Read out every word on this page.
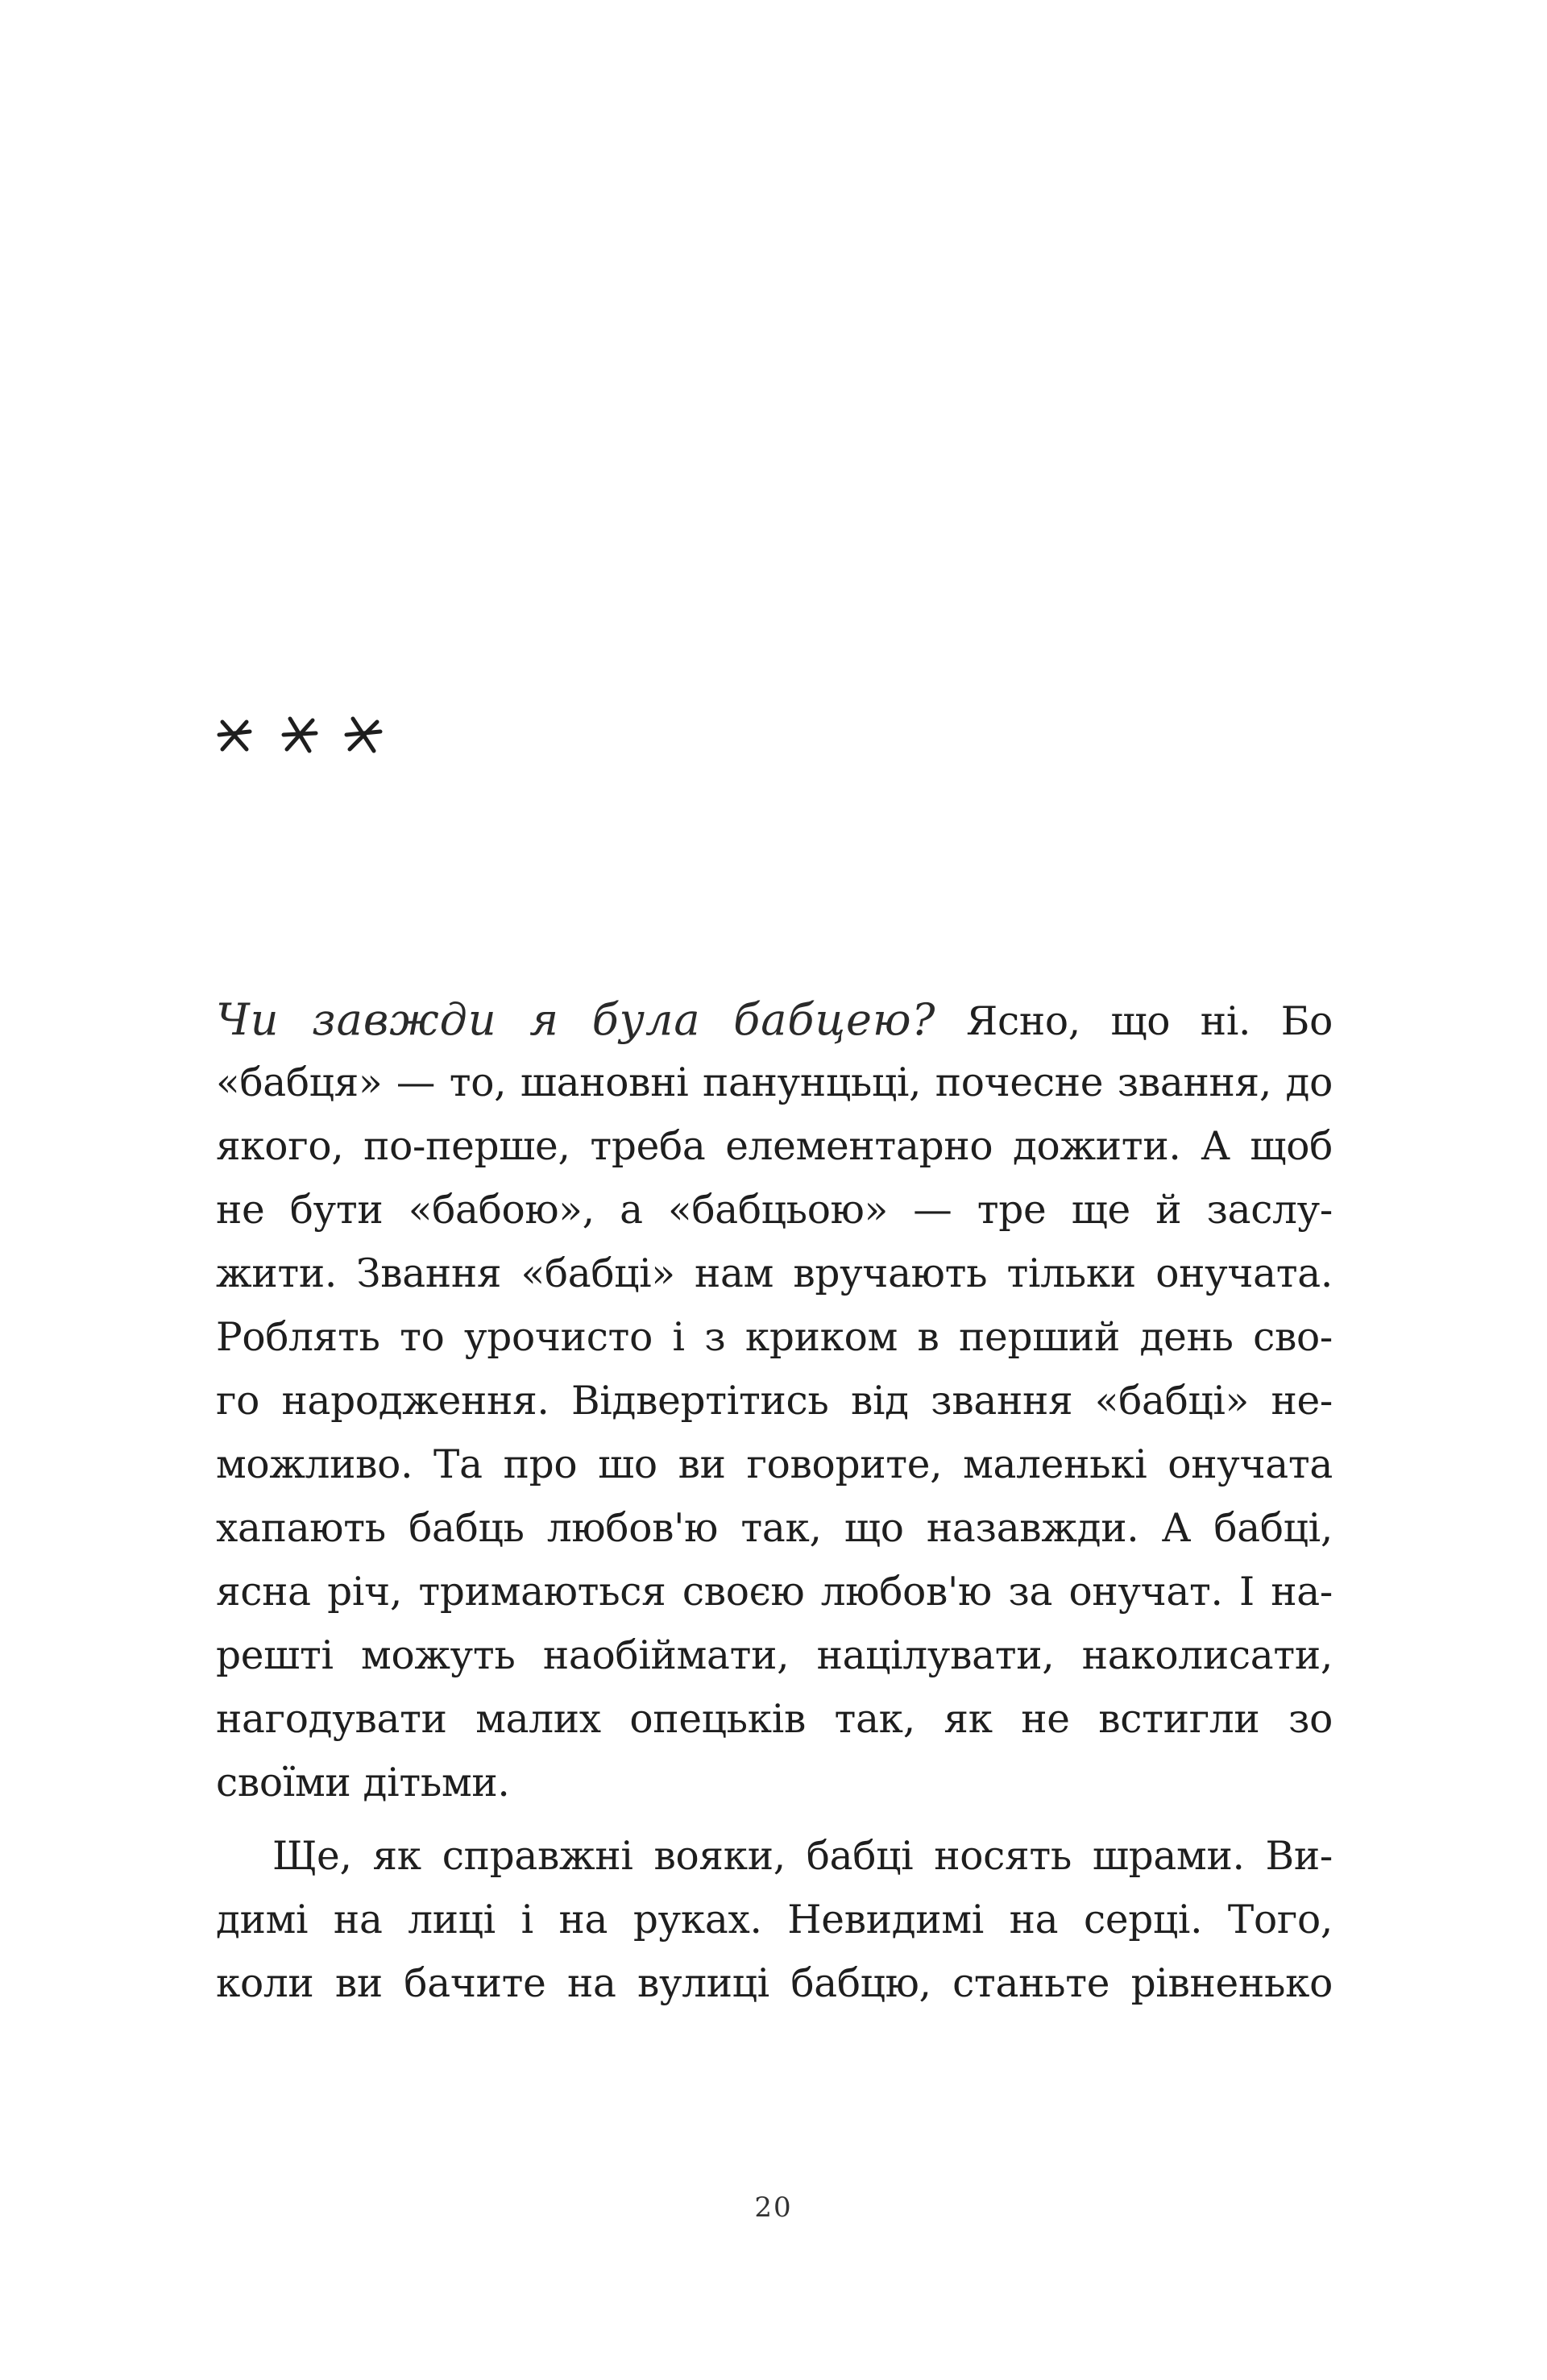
Чи завжди я була бабцею? Ясно, що ні. Бо
«бабця» — то, шановні панунцьці, почесне звання, до
якого, по-перше, треба елементарно дожити. А щоб
не бути «бабою», а «бабцьою» — тре ще й заслу-
жити. Звання «бабці» нам вручають тільки онучата.
Роблять то урочисто і з криком в перший день сво-
го народження. Відвертітись від звання «бабці» не-
можливо. Та про шо ви говорите, маленькі онучата
хапають бабць любов'ю так, що назавжди. А бабці,
ясна річ, тримаються своєю любов'ю за онучат. І на-
решті можуть наобіймати, націлувати, наколисати,
нагодувати малих опецьків так, як не встигли зо
своїми дітьми.
Ще, як справжні вояки, бабці носять шрами. Ви-
димі на лиці і на руках. Невидимі на серці. Того,
коли ви бачите на вулиці бабцю, станьте рівненько
20
